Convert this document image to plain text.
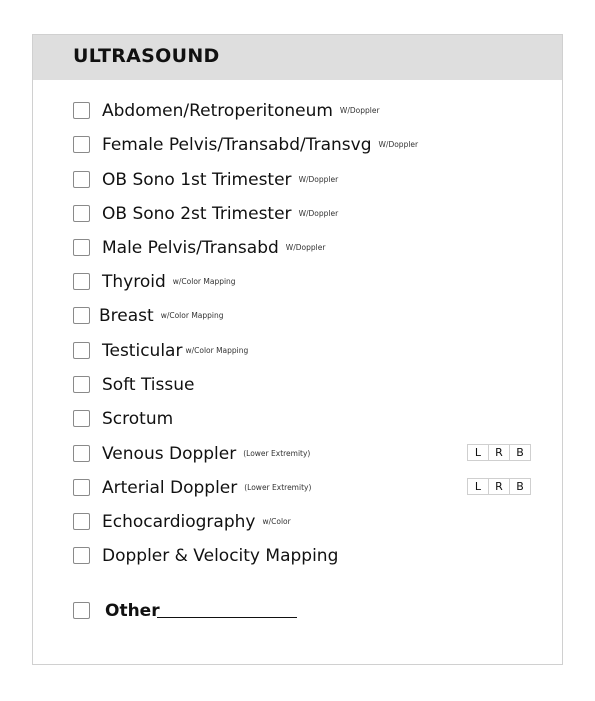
ULTRASOUND
Abdomen/Retroperitoneum $^{W/Doppler}$
Female Pelvis/Transabd/Transvg $^{W/Doppler}$
OB Sono 1st Trimester $^{W/Doppler}$
OB Sono 2st Trimester $^{W/Doppler}$
Male Pelvis/Transabd $^{W/Doppler}$
Thyroid $^{w/Color Mapping}$
Breast $^{w/Color Mapping}$
Testicular $^{w/Color Mapping}$
Soft Tissue
Scrotum
Venous Doppler $^{(Lower Extremity)}$	L	R	B
Arterial Doppler $^{(Lower Extremity)}$	L	R	B
Echocardiography $^{w/Color}$
Doppler & Velocity Mapping
Other
